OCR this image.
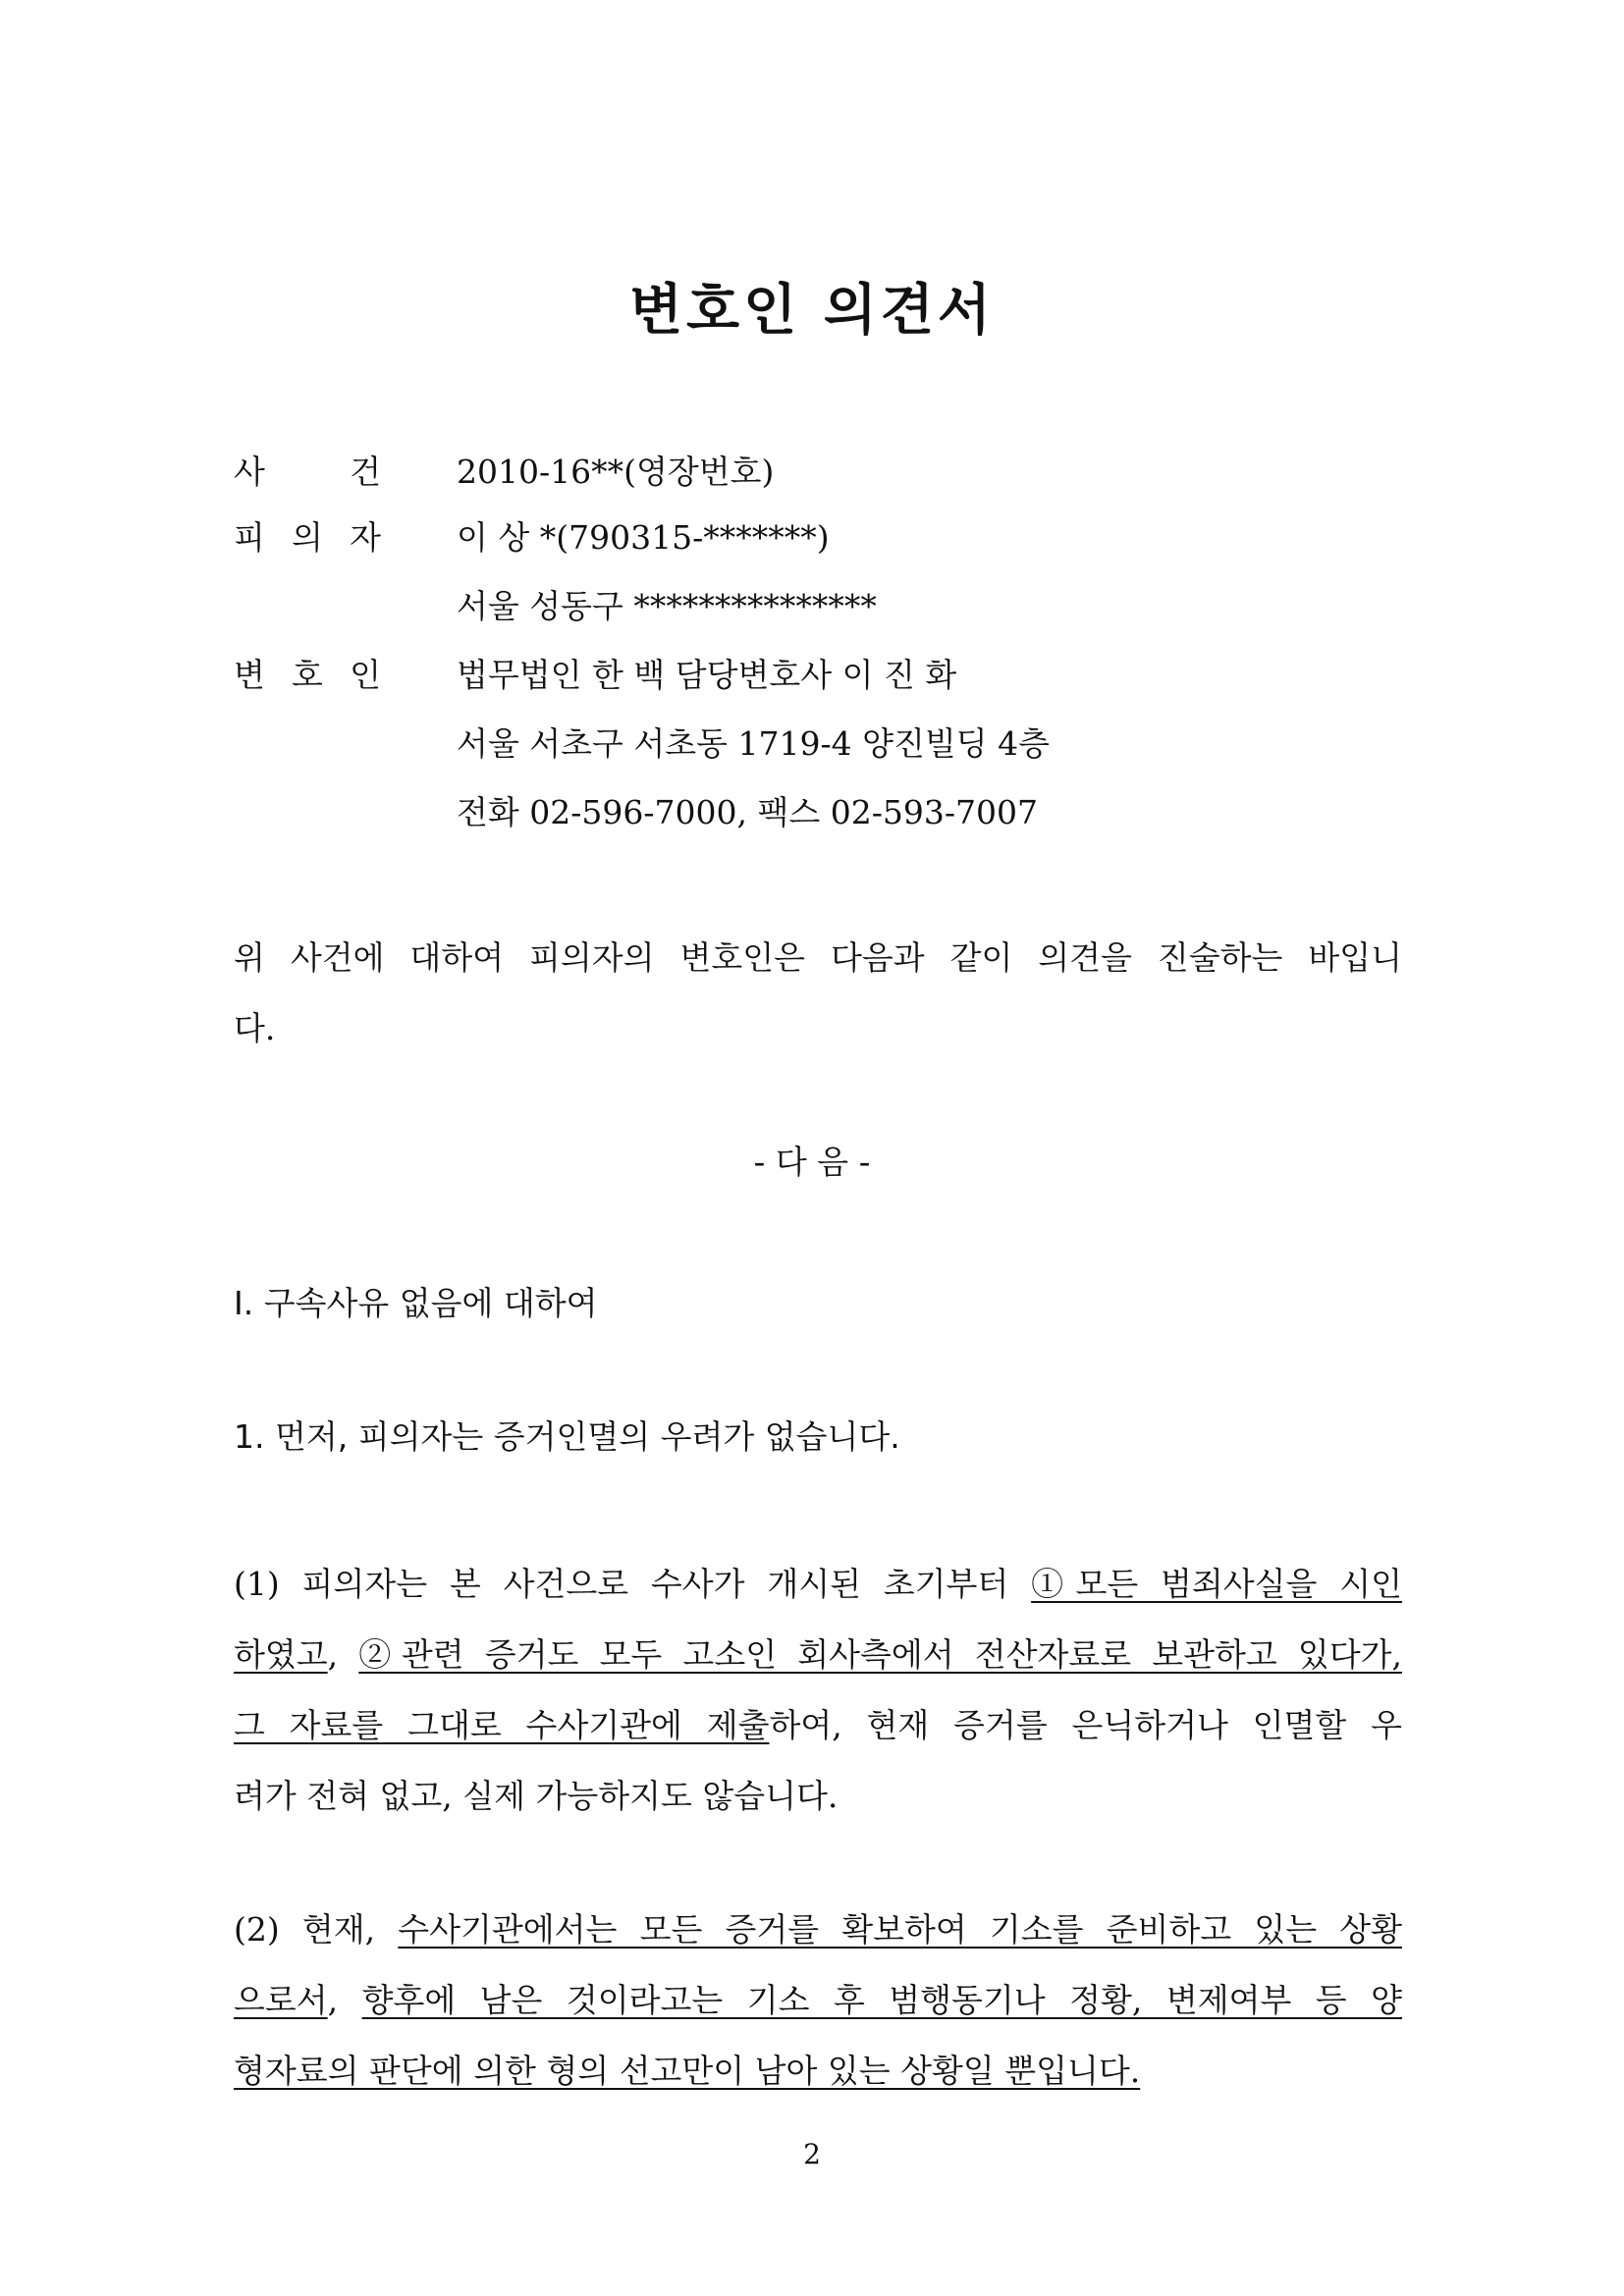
변호인 의견서
사	건 2010-16**(영장번호)
피 의 자 이 상 *(790315-*******)
서울 성동구 ***************
변 호 인 법무법인 한 백 담당변호사 이 진 화
서울 서초구 서초동 1719-4 양진빌딩 4층
전화 02-596-7000, 팩스 02-593-7007
위 사건에 대하여 피의자의 변호인은 다음과 같이 의견을 진술하는 바입니
다.
- 다 음 -
Ⅰ. 구속사유 없음에 대하여
1. 먼저, 피의자는 증거인멸의 우려가 없습니다.
(1) 피의자는 본 사건으로 수사가 개시된 초기부터 ①모든 범죄사실을 시인
하였고, ②관련 증거도 모두 고소인 회사측에서 전산자료로 보관하고 있다가,
그 자료를 그대로 수사기관에 제출하여, 현재 증거를 은닉하거나 인멸할 우
려가 전혀 없고, 실제 가능하지도 않습니다.
(2) 현재, 수사기관에서는 모든 증거를 확보하여 기소를 준비하고 있는 상황
으로서, 향후에 남은 것이라고는 기소 후 범행동기나 정황, 변제여부 등 양
형자료의 판단에 의한 형의 선고만이 남아 있는 상황일 뿐입니다.
2
